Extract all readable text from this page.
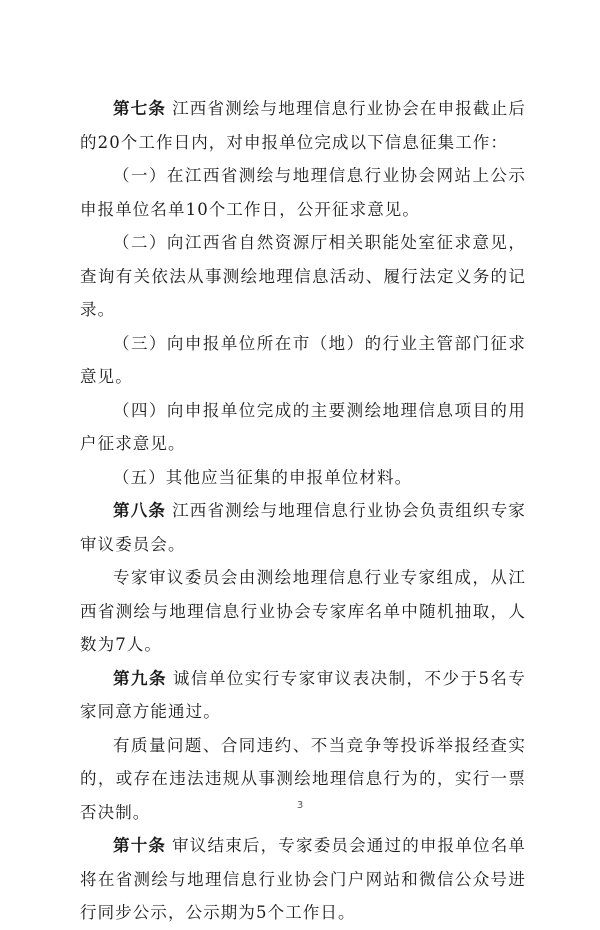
第七条 江西省测绘与地理信息行业协会在申报截止后的20个工作日内，对申报单位完成以下信息征集工作：

（一）在江西省测绘与地理信息行业协会网站上公示申报单位名单10个工作日，公开征求意见。

（二）向江西省自然资源厅相关职能处室征求意见，查询有关依法从事测绘地理信息活动、履行法定义务的记录。

（三）向申报单位所在市（地）的行业主管部门征求意见。

（四）向申报单位完成的主要测绘地理信息项目的用户征求意见。

（五）其他应当征集的申报单位材料。

第八条 江西省测绘与地理信息行业协会负责组织专家审议委员会。

专家审议委员会由测绘地理信息行业专家组成，从江西省测绘与地理信息行业协会专家库名单中随机抽取，人数为7人。

第九条 诚信单位实行专家审议表决制，不少于5名专家同意方能通过。

有质量问题、合同违约、不当竞争等投诉举报经查实的，或存在违法违规从事测绘地理信息行为的，实行一票否决制。

第十条 审议结束后，专家委员会通过的申报单位名单将在省测绘与地理信息行业协会门户网站和微信公众号进行同步公示，公示期为5个工作日。

3
